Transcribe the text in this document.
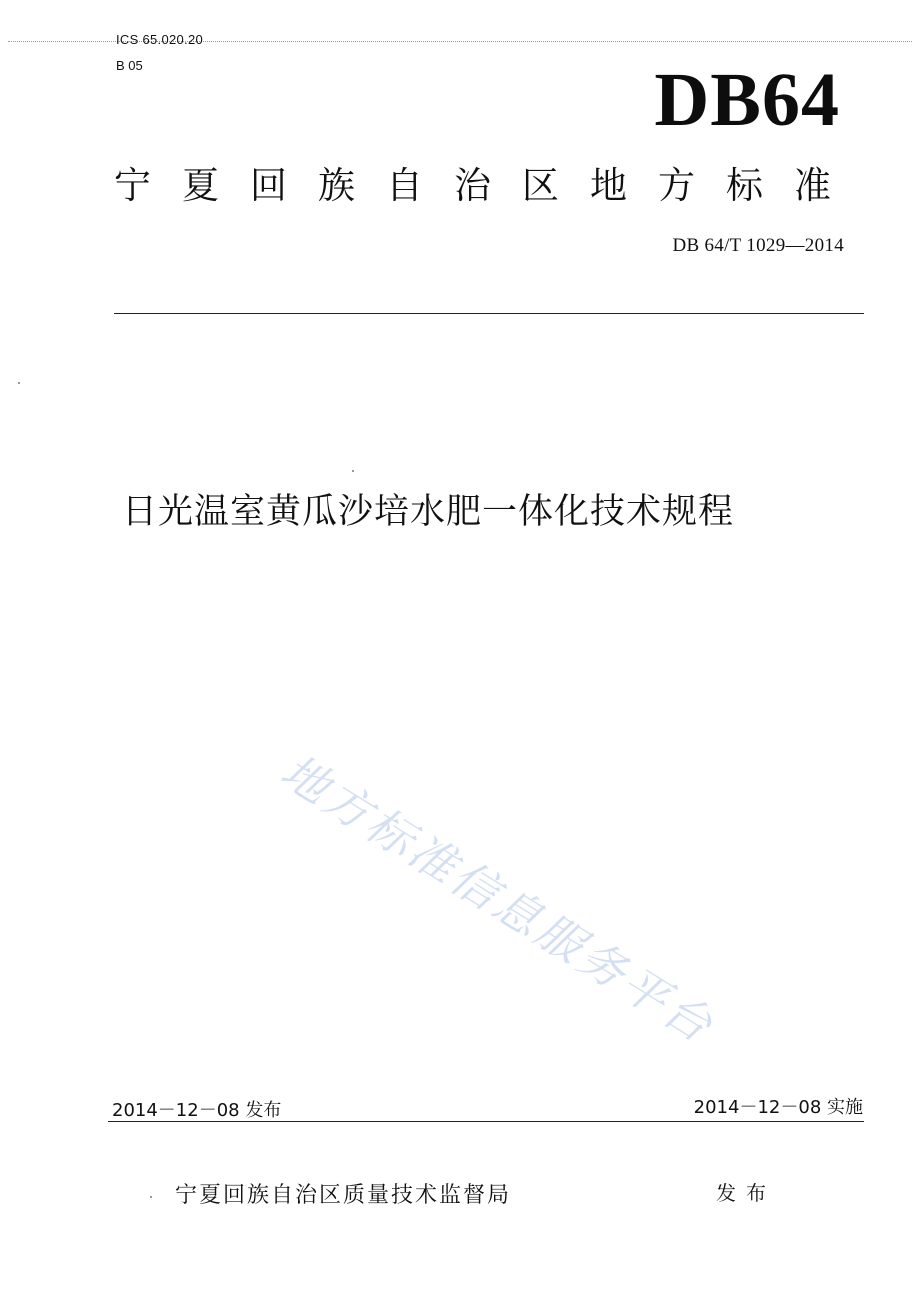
ICS 65.020.20
B 05	DB64
宁夏回族自治区地方标准
DB 64/T 1029—2014
日光温室黄瓜沙培水肥一体化技术规程
地方标准信息服务平台
2014－12－08 发布	2014－12－08 实施
宁夏回族自治区质量技术监督局	发布
